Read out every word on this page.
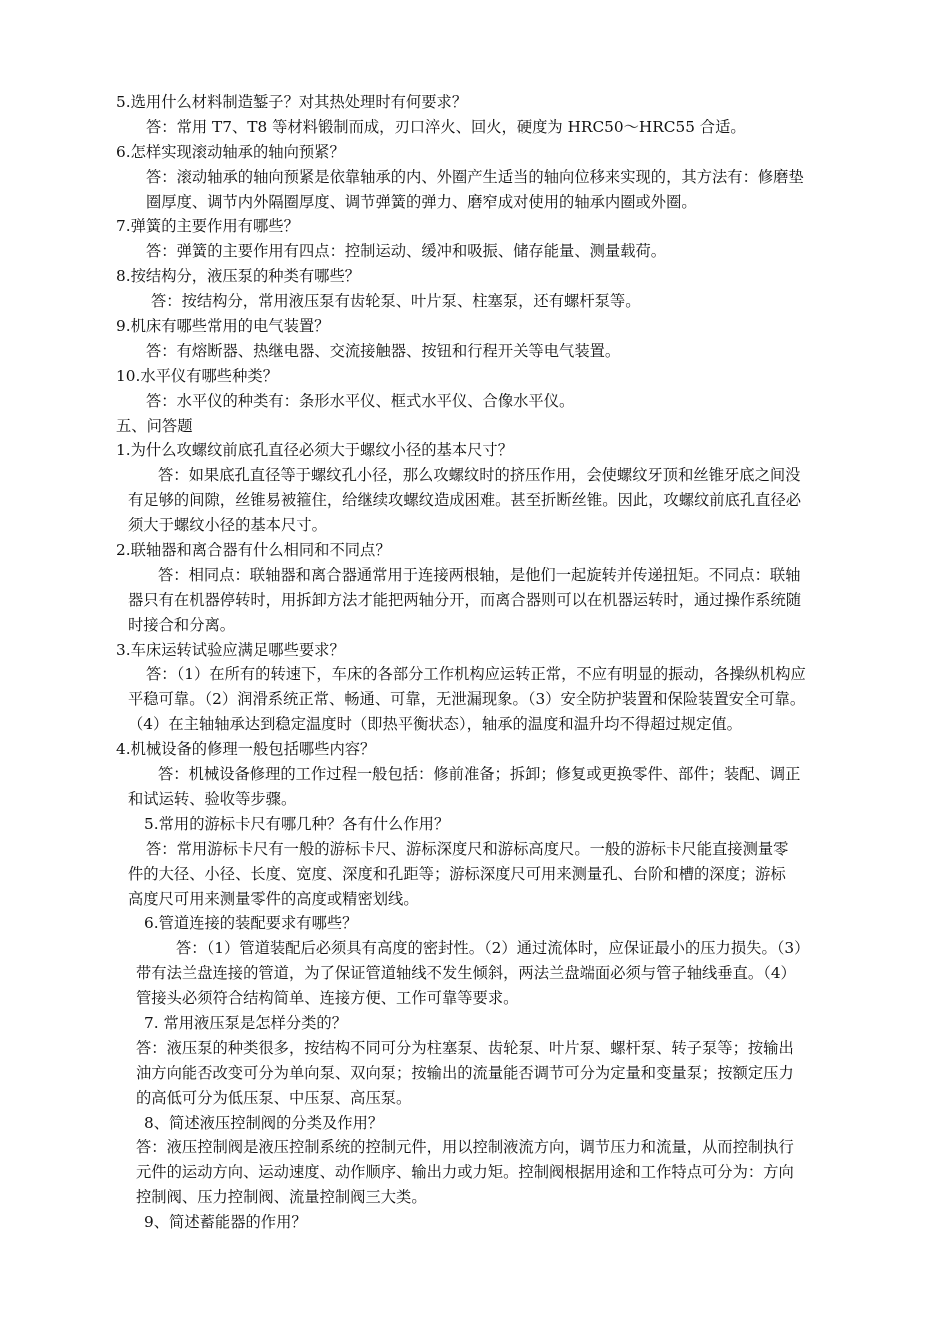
5.选用什么材料制造錾子？对其热处理时有何要求？
答：常用 T7、T8 等材料锻制而成，刃口淬火、回火，硬度为 HRC50～HRC55 合适。
6.怎样实现滚动轴承的轴向预紧？
答：滚动轴承的轴向预紧是依靠轴承的内、外圈产生适当的轴向位移来实现的，其方法有：修磨垫
圈厚度、调节内外隔圈厚度、调节弹簧的弹力、磨窄成对使用的轴承内圈或外圈。
7.弹簧的主要作用有哪些？
答：弹簧的主要作用有四点：控制运动、缓冲和吸振、储存能量、测量载荷。
8.按结构分，液压泵的种类有哪些？
答：按结构分，常用液压泵有齿轮泵、叶片泵、柱塞泵，还有螺杆泵等。
9.机床有哪些常用的电气装置？
答：有熔断器、热继电器、交流接触器、按钮和行程开关等电气装置。
10.水平仪有哪些种类？
答：水平仪的种类有：条形水平仪、框式水平仪、合像水平仪。
五、问答题
1.为什么攻螺纹前底孔直径必须大于螺纹小径的基本尺寸？
答：如果底孔直径等于螺纹孔小径，那么攻螺纹时的挤压作用，会使螺纹牙顶和丝锥牙底之间没
有足够的间隙，丝锥易被箍住，给继续攻螺纹造成困难。甚至折断丝锥。因此，攻螺纹前底孔直径必
须大于螺纹小径的基本尺寸。
2.联轴器和离合器有什么相同和不同点？
答：相同点：联轴器和离合器通常用于连接两根轴，是他们一起旋转并传递扭矩。不同点：联轴
器只有在机器停转时，用拆卸方法才能把两轴分开，而离合器则可以在机器运转时，通过操作系统随
时接合和分离。
3.车床运转试验应满足哪些要求？
答：（1）在所有的转速下，车床的各部分工作机构应运转正常，不应有明显的振动，各操纵机构应
平稳可靠。（2）润滑系统正常、畅通、可靠，无泄漏现象。（3）安全防护装置和保险装置安全可靠。
（4）在主轴轴承达到稳定温度时（即热平衡状态），轴承的温度和温升均不得超过规定值。
4.机械设备的修理一般包括哪些内容？
答：机械设备修理的工作过程一般包括：修前准备；拆卸；修复或更换零件、部件；装配、调正
和试运转、验收等步骤。
5.常用的游标卡尺有哪几种？各有什么作用？
答：常用游标卡尺有一般的游标卡尺、游标深度尺和游标高度尺。一般的游标卡尺能直接测量零
件的大径、小径、长度、宽度、深度和孔距等；游标深度尺可用来测量孔、台阶和槽的深度；游标
高度尺可用来测量零件的高度或精密划线。
6.管道连接的装配要求有哪些？
答：（1）管道装配后必须具有高度的密封性。（2）通过流体时，应保证最小的压力损失。（3）
带有法兰盘连接的管道，为了保证管道轴线不发生倾斜，两法兰盘端面必须与管子轴线垂直。（4）
管接头必须符合结构简单、连接方便、工作可靠等要求。
7. 常用液压泵是怎样分类的？
答：液压泵的种类很多，按结构不同可分为柱塞泵、齿轮泵、叶片泵、螺杆泵、转子泵等；按输出
油方向能否改变可分为单向泵、双向泵；按输出的流量能否调节可分为定量和变量泵；按额定压力
的高低可分为低压泵、中压泵、高压泵。
8、简述液压控制阀的分类及作用？
答：液压控制阀是液压控制系统的控制元件，用以控制液流方向，调节压力和流量，从而控制执行
元件的运动方向、运动速度、动作顺序、输出力或力矩。控制阀根据用途和工作特点可分为：方向
控制阀、压力控制阀、流量控制阀三大类。
9、简述蓄能器的作用？
